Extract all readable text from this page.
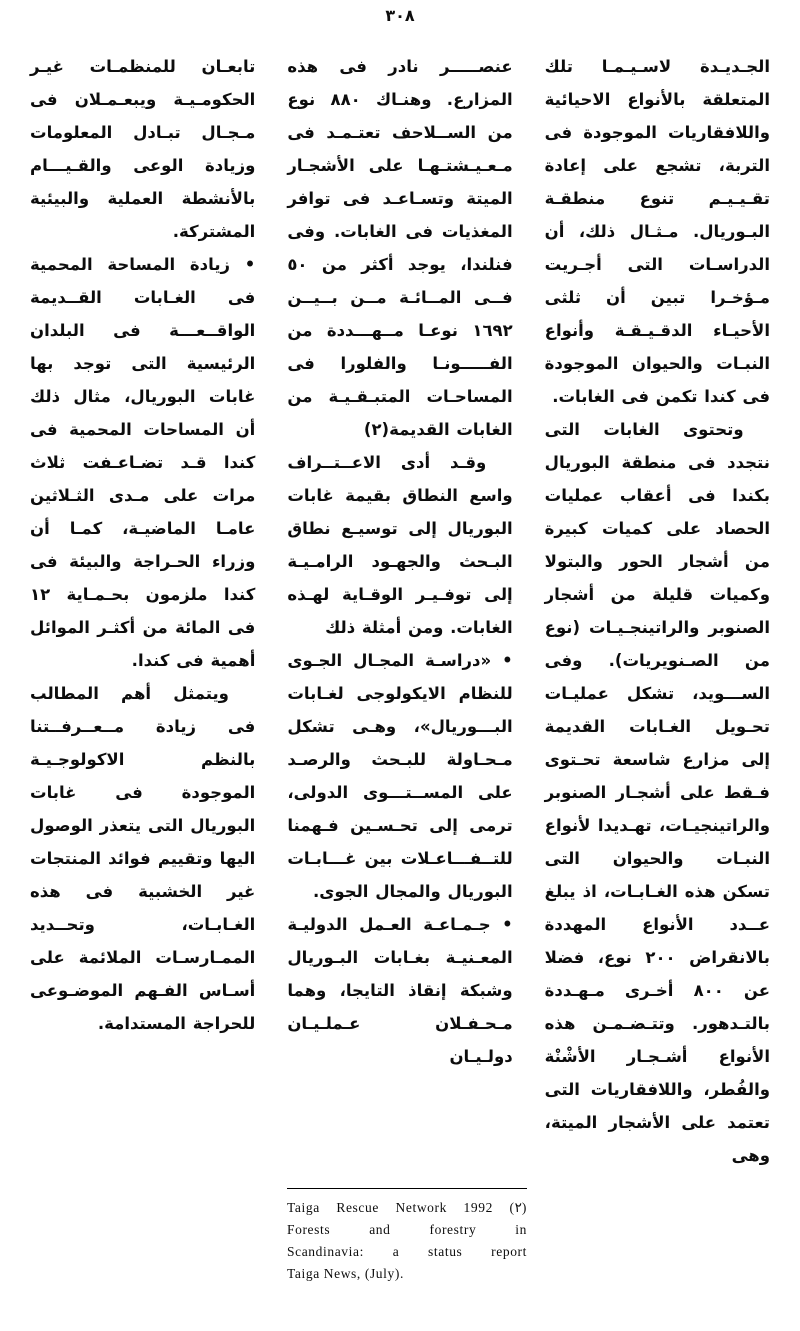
٣٠٨

الجـديـدة لاسـيـمـا تلك المتعلقة بالأنواع الاحيائية واللافقاريات الموجودة فى التربة، تشجع على إعادة تقـيـيـم تنوع منطقـة البـوريال. مـثـال ذلك، أن الدراسـات التى أجـريت مـؤخـرا تبين أن ثلثى الأحيـاء الدقـيـقـة وأنواع النبـات والحيوان الموجودة فى كندا تكمن فى الغابات.

وتحتوى الغابات التى نتجدد فى منطقة البوريال بكندا فى أعقاب عمليات الحصاد على كميات كبيرة من أشجار الحور والبتولا وكميات قليلة من أشجار الصنوبر والراتينجـيـات (نوع من الصـنويريات). وفى الســـويد، تشكل عمليـات تحـويل الغـابات القديمة إلى مزارع شاسعة تحـتوى فـقط على أشجـار الصنوبر والراتينجيـات، تهـديدا لأنواع النبـات والحيوان التى تسكن هذه الغـابـات، اذ يبلغ عــدد الأنواع المهددة بالانقراض ٢٠٠ نوع، فضلا عن ٨٠٠ أخـرى مـهـددة بالتـدهور. وتتـضـمـن هذه الأنواع أشـجـار الأشْنْة والفُطر، واللافقاريات التى تعتمد على الأشجار الميتة، وهى

عنصـــــر نادر فى هذه المزارع. وهنـاك ٨٨٠ نوع من الســلاحف تعتـمـد فى مـعـيـشتـهـا على الأشجـار الميتة وتسـاعـد فى توافر المغذيات فى الغابات. وفى فنلندا، يوجد أكثر من ٥٠ فــى المــائـة مــن بــيــن ١٦٩٢ نوعـا مــهـــددة من الفـــــونـا والفلورا فى المساحـات المتبـقـيـة من الغابات القديمة(٢)

وقـد أدى الاعــتــراف واسع النطاق بقيمة غابات البوريال إلى توسيـع نطاق البـحث والجهـود الرامـيـة إلى توفـيـر الوقـاية لهـذه الغابات. ومن أمثلة ذلك

• «دراسـة المجـال الجـوى للنظام الايكولوجى لغـابات البـــوريال»، وهـى تشكل مـحـاولة للبـحث والرصـد على المســتـــوى الدولى، ترمى إلى تحـسـين فـهمنا للتــفـــاعـلات بين غـــابـات البوريال والمجال الجوى.

• جـمـاعـة العـمل الدوليـة المعـنيـة بغـابات البـوريال وشبكة إنقاذ التايجا، وهما مـحـفـلان عـملـيـان دولـيـان

تابعـان للمنظمـات غيـر الحكومـيـة ويبعـمـلان فى مـجـال تبـادل المعلومات وزيادة الوعى والقـيـــام بالأنشطة العملية والبيئية المشتركة.

• زيادة المساحة المحمية فى الغـابات القــديمة الواقــعـــة فى البلدان الرئيسية التى توجد بها غابات البوريال، مثال ذلك أن المساحات المحمية فى كندا قـد تضـاعـفت ثلاث مرات على مـدى الثـلاثين عامـا الماضيـة، كمـا أن وزراء الحـراجة والبيئة فى كندا ملزمون بحـمـاية ١٢ فى المائة من أكثـر الموائل أهمية فى كندا.

ويتمثل أهم المطالب فى زيادة مــعــرفــتنا بالنظم الاكولوجـيـة الموجودة فى غابات البوريال التى يتعذر الوصول اليها وتقييم فوائد المنتجات غير الخشبية فى هذه الغـابـات، وتحــديد الممـارسـات الملائمة على أسـاس الفـهم الموضـوعى للحراجة المستدامة.

Taiga Rescue Network 1992 (٢)
Forests and forestry in
Scandinavia: a status report
Taiga News, (July).
